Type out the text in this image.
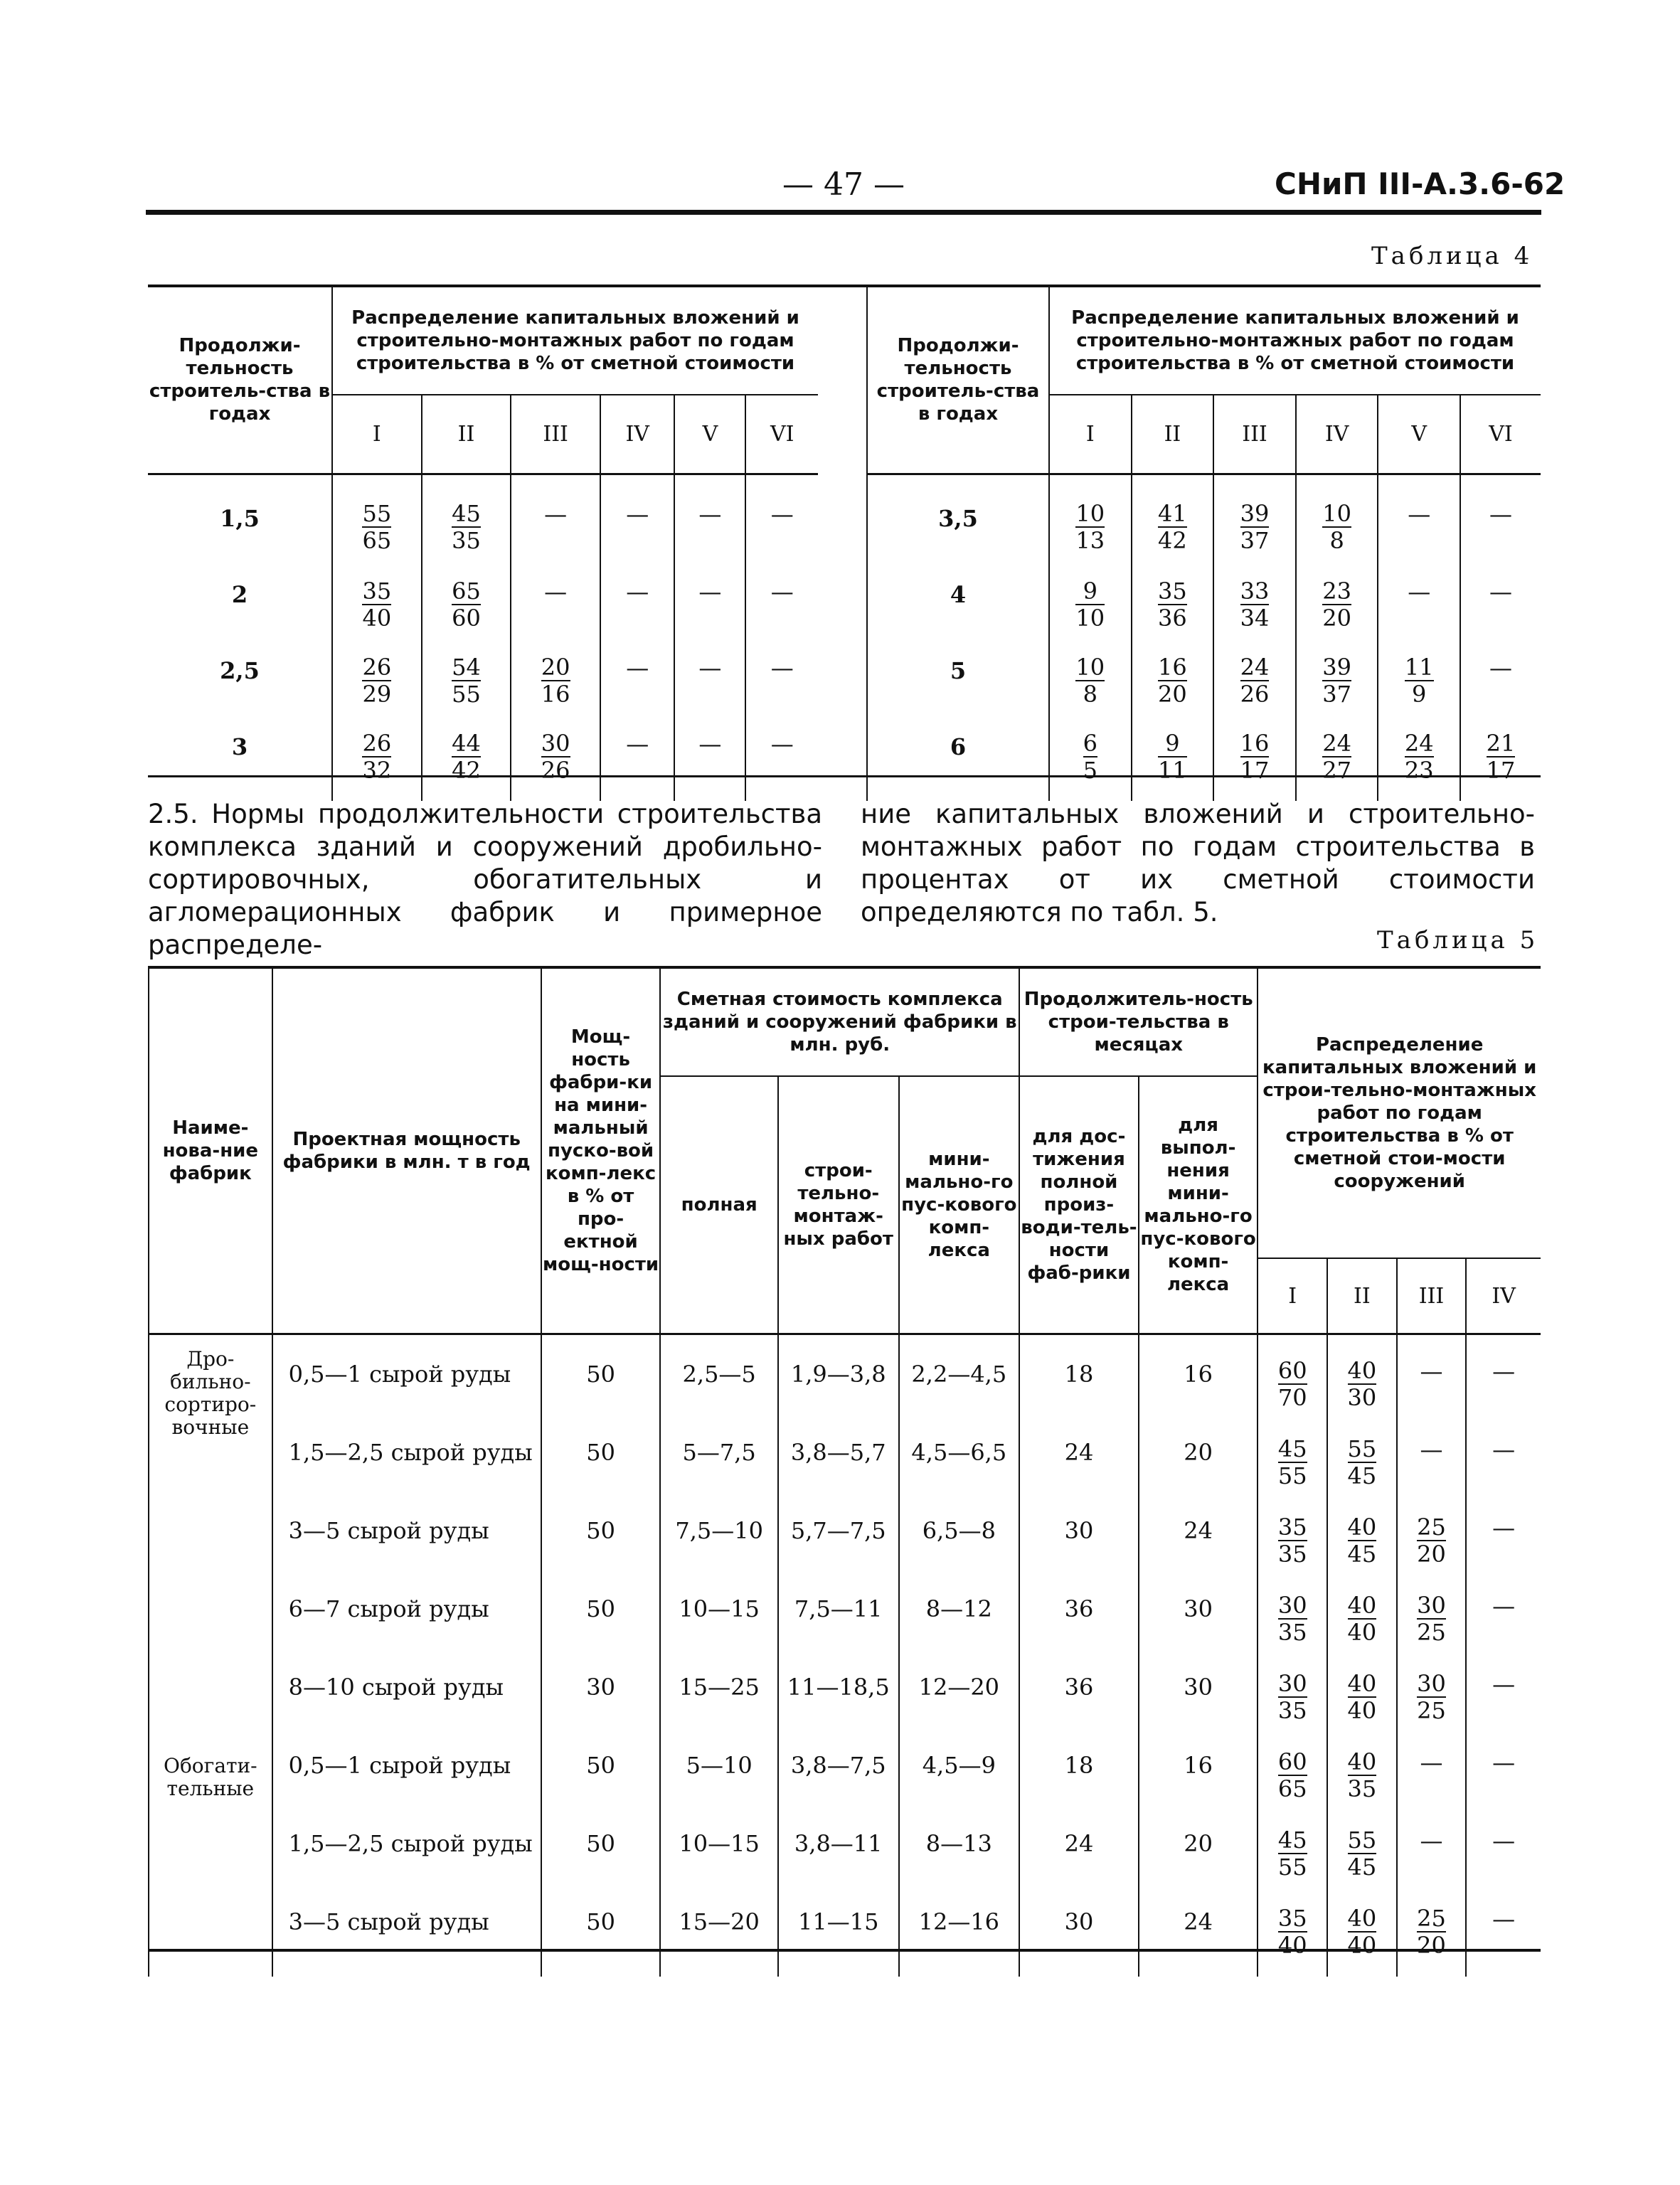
— 47 —	СНиП III-А.3.6-62
Таблица 4
Продолжи-тельность строитель-ства в годах	Распределение капитальных вложений и строительно-монтажных работ по годам строительства в % от сметной стоимости					
	I	II	III	IV	V	VI
1,5	$\frac{55}{65}$	$\frac{45}{35}$	—	—	—	—
2	$\frac{35}{40}$	$\frac{65}{60}$	—	—	—	—
2,5	$\frac{26}{29}$	$\frac{54}{55}$	$\frac{20}{16}$	—	—	—
3	$\frac{26}{32}$	$\frac{44}{42}$	$\frac{30}{26}$	—	—	—
Продолжи-тельность строитель-ства в годах	Распределение капитальных вложений и строительно-монтажных работ по годам строительства в % от сметной стоимости					
	I	II	III	IV	V	VI
3,5	$\frac{10}{13}$	$\frac{41}{42}$	$\frac{39}{37}$	$\frac{10}{8}$	—	—
4	$\frac{9}{10}$	$\frac{35}{36}$	$\frac{33}{34}$	$\frac{23}{20}$	—	—
5	$\frac{10}{8}$	$\frac{16}{20}$	$\frac{24}{26}$	$\frac{39}{37}$	$\frac{11}{9}$	—
6	$\frac{6}{5}$	$\frac{9}{11}$	$\frac{16}{17}$	$\frac{24}{27}$	$\frac{24}{23}$	$\frac{21}{17}$
2.5. Нормы продолжительности строительства комплекса зданий и сооружений дробильно-сортировочных, обогатительных и агломерационных фабрик и примерное распределе-
ние капитальных вложений и строительно-монтажных работ по годам строительства в процентах от их сметной стоимости определяются по табл. 5.
Таблица 5
Наиме-нова-ние фабрик	Проектная мощность фабрики в млн. т в год	Мощ-ность фабри-ки на мини-мальный пуско-вой комп-лекс в % от про-ектной мощ-ности	Сметная стоимость комплекса зданий и сооружений фабрики в млн. руб.			Продолжитель-ность строи-тельства в месяцах		Распределение капитальных вложений и строи-тельно-монтажных работ по годам строительства в % от сметной стои-мости сооружений			
			полная	строи-тельно-монтаж-ных работ	мини-мально-го пус-кового комп-лекса	для дос-тижения полной произ-води-тель-ности фаб-рики	для выпол-нения мини-мально-го пус-кового комп-лекса				
								I	II	III	IV
Дро-бильно-сортиро-вочные	0,5—1 сырой руды	50	2,5—5	1,9—3,8	2,2—4,5	18	16	$\frac{60}{70}$	$\frac{40}{30}$	—	—
	1,5—2,5 сырой руды	50	5—7,5	3,8—5,7	4,5—6,5	24	20	$\frac{45}{55}$	$\frac{55}{45}$	—	—
	3—5 сырой руды	50	7,5—10	5,7—7,5	6,5—8	30	24	$\frac{35}{35}$	$\frac{40}{45}$	$\frac{25}{20}$	—
	6—7 сырой руды	50	10—15	7,5—11	8—12	36	30	$\frac{30}{35}$	$\frac{40}{40}$	$\frac{30}{25}$	—
	8—10 сырой руды	30	15—25	11—18,5	12—20	36	30	$\frac{30}{35}$	$\frac{40}{40}$	$\frac{30}{25}$	—
Обогати-тельные	0,5—1 сырой руды	50	5—10	3,8—7,5	4,5—9	18	16	$\frac{60}{65}$	$\frac{40}{35}$	—	—
	1,5—2,5 сырой руды	50	10—15	3,8—11	8—13	24	20	$\frac{45}{55}$	$\frac{55}{45}$	—	—
	3—5 сырой руды	50	15—20	11—15	12—16	30	24	$\frac{35}{40}$	$\frac{40}{40}$	$\frac{25}{20}$	—
